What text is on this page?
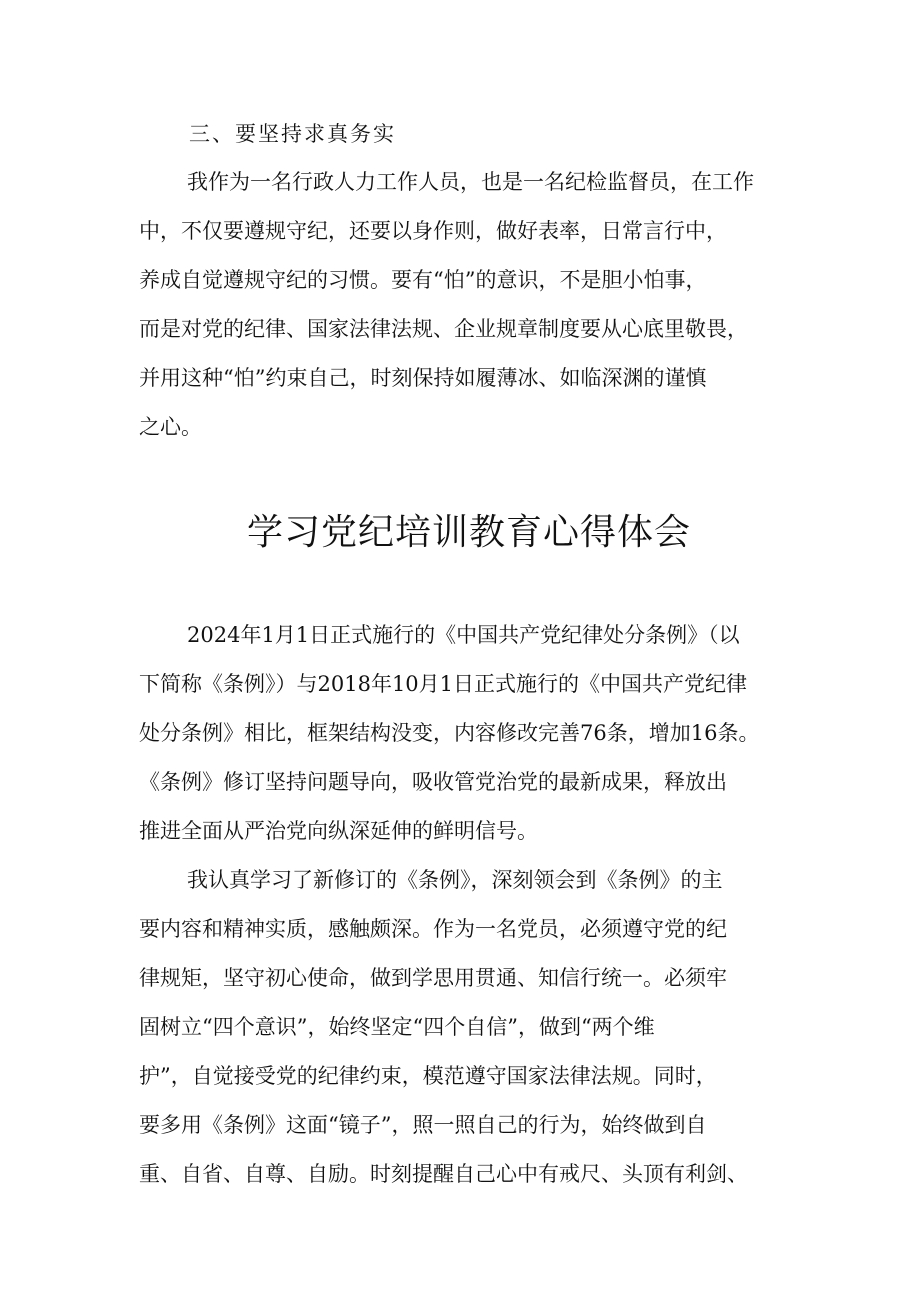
三、要坚持求真务实
我作为一名行政人力工作人员，也是一名纪检监督员，在工作
中，不仅要遵规守纪，还要以身作则，做好表率，日常言行中，
养成自觉遵规守纪的习惯。要有“怕”的意识，不是胆小怕事，
而是对党的纪律、国家法律法规、企业规章制度要从心底里敬畏，
并用这种“怕”约束自己，时刻保持如履薄冰、如临深渊的谨慎
之心。
学习党纪培训教育心得体会
2024年1月1日正式施行的《中国共产党纪律处分条例》（以
下简称《条例》）与2018年10月1日正式施行的《中国共产党纪律
处分条例》相比，框架结构没变，内容修改完善76条，增加16条。
《条例》修订坚持问题导向，吸收管党治党的最新成果，释放出
推进全面从严治党向纵深延伸的鲜明信号。
我认真学习了新修订的《条例》，深刻领会到《条例》的主
要内容和精神实质，感触颇深。作为一名党员，必须遵守党的纪
律规矩，坚守初心使命，做到学思用贯通、知信行统一。必须牢
固树立“四个意识”，始终坚定“四个自信”，做到“两个维
护”，自觉接受党的纪律约束，模范遵守国家法律法规。同时，
要多用《条例》这面“镜子”，照一照自己的行为，始终做到自
重、自省、自尊、自励。时刻提醒自己心中有戒尺、头顶有利剑、
